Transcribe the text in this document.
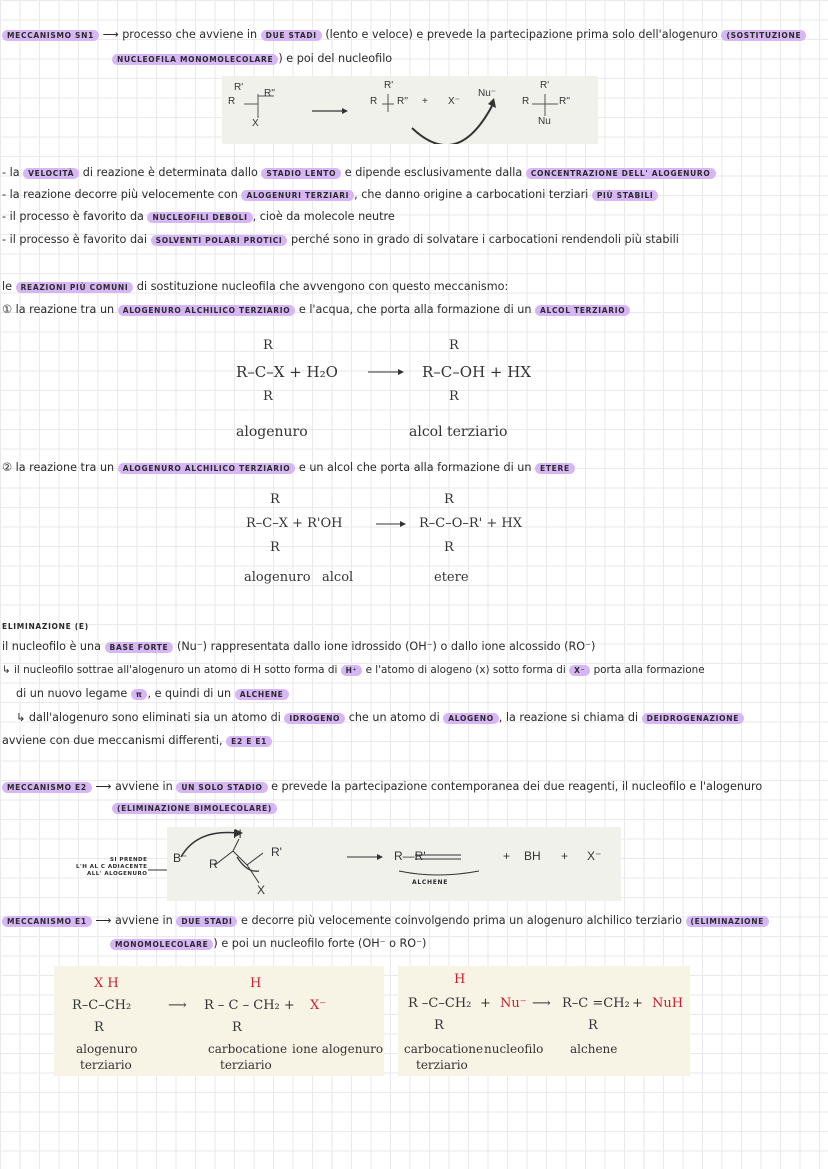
MECCANISMO SN1 ⟶ processo che avviene in DUE STADI (lento e veloce) e prevede la partecipazione prima solo dell'alogenuro (SOSTITUZIONE
NUCLEOFILA MONOMOLECOLARE ) e poi del nucleofilo
R'
R''
R
X
R
R'
R'' + X⁻
Nu⁻
R'
R	R''
Nu
- la VELOCITÀ di reazione è determinata dallo STADIO LENTO e dipende esclusivamente dalla CONCENTRAZIONE DELL' ALOGENURO
- la reazione decorre più velocemente con ALOGENURI TERZIARI , che danno origine a carbocationi terziari PIÙ STABILI
- il processo è favorito da NUCLEOFILI DEBOLI , cioè da molecole neutre
- il processo è favorito dai SOLVENTI POLARI PROTICI perché sono in grado di solvatare i carbocationi rendendoli più stabili
le REAZIONI PIÙ COMUNI di sostituzione nucleofila che avvengono con questo meccanismo:
① la reazione tra un ALOGENURO ALCHILICO TERZIARIO e l'acqua, che porta alla formazione di un ALCOL TERZIARIO
R
R–C–X + H₂O
R
R
R–C–OH + HX
R
alogenuro	alcol terziario
② la reazione tra un ALOGENURO ALCHILICO TERZIARIO e un alcol che porta alla formazione di un ETERE
R
R–C–X + R'OH
R
R
R–C–O–R' + HX
R
alogenuro alcol	etere
ELIMINAZIONE (E)
il nucleofilo è una BASE FORTE (Nu⁻) rappresentata dallo ione idrossido (OH⁻) o dallo ione alcossido (RO⁻)
↳ il nucleofilo sottrae all'alogenuro un atomo di H sotto forma di H⁺ e l'atomo di alogeno (x) sotto forma di X⁻ porta alla formazione
di un nuovo legame π , e quindi di un ALCHENE
↳ dall'alogenuro sono eliminati sia un atomo di IDROGENO che un atomo di ALOGENO , la reazione si chiama di DEIDROGENAZIONE
avviene con due meccanismi differenti, E2 E E1
MECCANISMO E2 ⟶ avviene in UN SOLO STADIO e prevede la partecipazione contemporanea dei due reagenti, il nucleofilo e l'alogenuro
(ELIMINAZIONE BIMOLECOLARE)
SI PRENDE
L'H AL C ADIACENTE
ALL' ALOGENURO
B⁻
H
R
R'
X
R—R'	+ BH + X⁻
ALCHENE
MECCANISMO E1 ⟶ avviene in DUE STADI e decorre più velocemente coinvolgendo prima un alogenuro alchilico terziario (ELIMINAZIONE
MONOMOLECOLARE ) e poi un nucleofilo forte (OH⁻ o RO⁻)
X H
R–C–CH₂
R
⟶
H
R – C – CH₂ + X⁻
R
alogenuro
terziario
carbocatione
terziario
ione alogenuro
H
R –C–CH₂ + Nu⁻ ⟶ R–C =CH₂ + NuH
R	R
carbocatione
terziario
nucleofilo alchene
